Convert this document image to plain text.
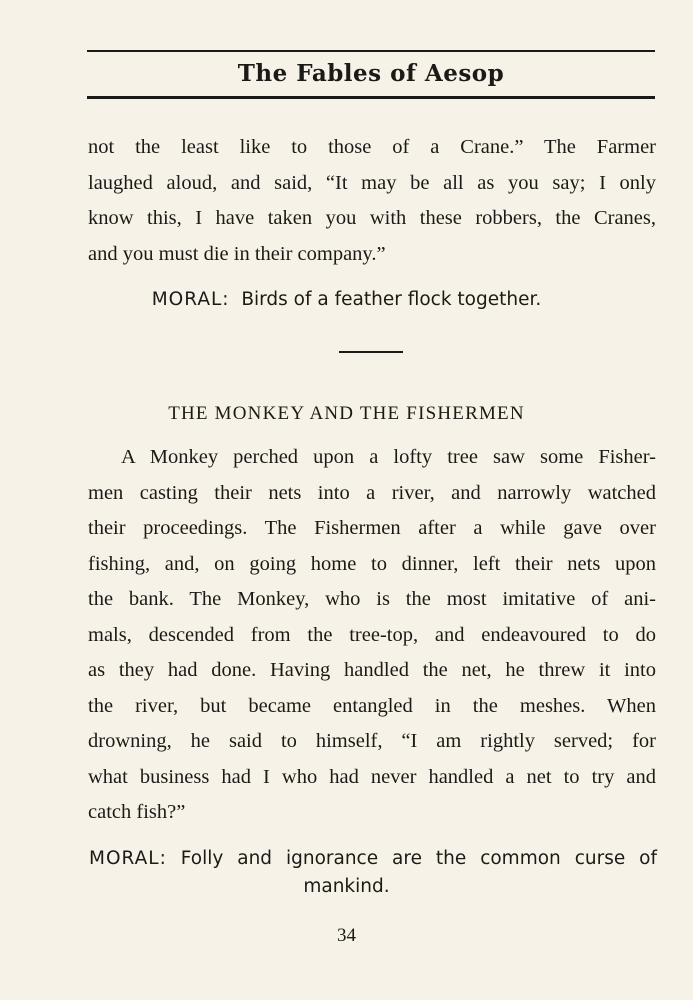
The Fables of Aesop
not the least like to those of a Crane.” The Farmer
laughed aloud, and said, “It may be all as you say; I only
know this, I have taken you with these robbers, the Cranes,
and you must die in their company.”

MORAL: Birds of a feather flock together.

THE MONKEY AND THE FISHERMEN
A Monkey perched upon a lofty tree saw some Fisher-
men casting their nets into a river, and narrowly watched
their proceedings. The Fishermen after a while gave over
fishing, and, on going home to dinner, left their nets upon
the bank. The Monkey, who is the most imitative of ani-
mals, descended from the tree-top, and endeavoured to do
as they had done. Having handled the net, he threw it into
the river, but became entangled in the meshes. When
drowning, he said to himself, “I am rightly served; for
what business had I who had never handled a net to try and
catch fish?”

MORAL: Folly and ignorance are the common curse of

mankind.

34
